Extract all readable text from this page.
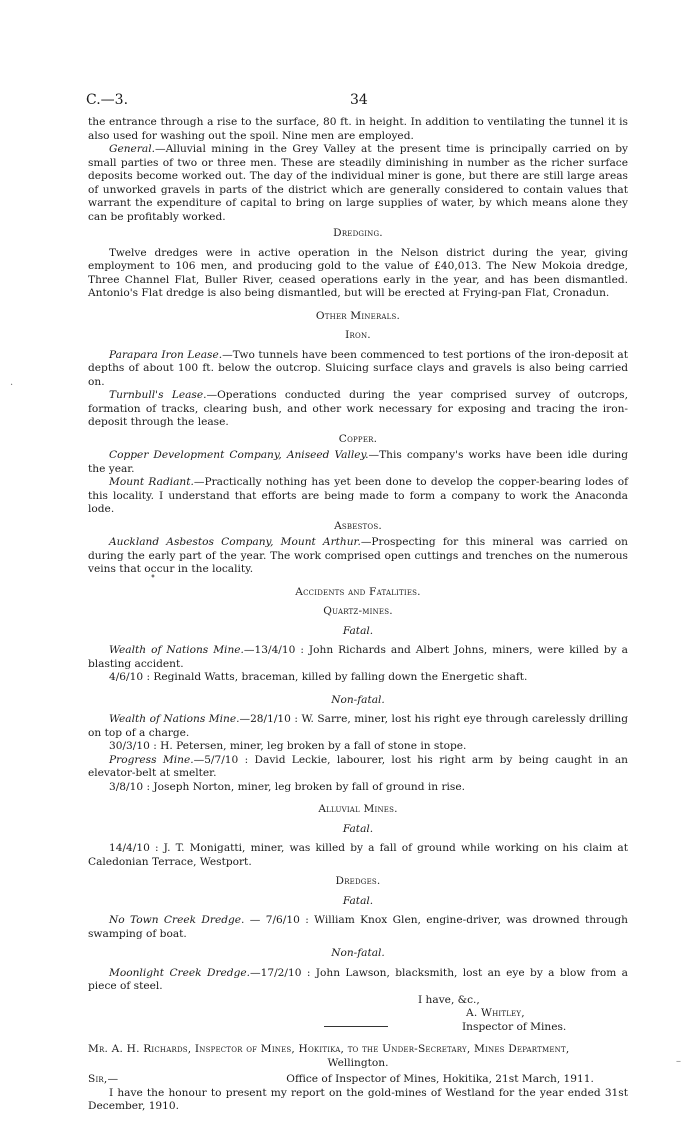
C.—3.	34

the entrance through a rise to the surface, 80 ft. in height. In addition to ventilating the tunnel it is also used for washing out the spoil. Nine men are employed.

General.—Alluvial mining in the Grey Valley at the present time is principally carried on by small parties of two or three men. These are steadily diminishing in number as the richer surface deposits become worked out. The day of the individual miner is gone, but there are still large areas of unworked gravels in parts of the district which are generally considered to contain values that warrant the expenditure of capital to bring on large supplies of water, by which means alone they can be profitably worked.

Dredging.

Twelve dredges were in active operation in the Nelson district during the year, giving employment to 106 men, and producing gold to the value of £40,013. The New Mokoia dredge, Three Channel Flat, Buller River, ceased operations early in the year, and has been dismantled. Antonio's Flat dredge is also being dismantled, but will be erected at Frying-pan Flat, Cronadun.

Other Minerals.

Iron.

Parapara Iron Lease.—Two tunnels have been commenced to test portions of the iron-deposit at depths of about 100 ft. below the outcrop. Sluicing surface clays and gravels is also being carried on.

Turnbull's Lease.—Operations conducted during the year comprised survey of outcrops, formation of tracks, clearing bush, and other work necessary for exposing and tracing the iron-deposit through the lease.

Copper.

Copper Development Company, Aniseed Valley.—This company's works have been idle during the year.

Mount Radiant.—Practically nothing has yet been done to develop the copper-bearing lodes of this locality. I understand that efforts are being made to form a company to work the Anaconda lode.

Asbestos.

Auckland Asbestos Company, Mount Arthur.—Prospecting for this mineral was carried on during the early part of the year. The work comprised open cuttings and trenches on the numerous veins that occur in the locality.

Accidents and Fatalities.

Quartz-mines.

Fatal.

Wealth of Nations Mine.—13/4/10 : John Richards and Albert Johns, miners, were killed by a blasting accident.

4/6/10 : Reginald Watts, braceman, killed by falling down the Energetic shaft.

Non-fatal.

Wealth of Nations Mine.—28/1/10 : W. Sarre, miner, lost his right eye through carelessly drilling on top of a charge.

30/3/10 : H. Petersen, miner, leg broken by a fall of stone in stope.

Progress Mine.—5/7/10 : David Leckie, labourer, lost his right arm by being caught in an elevator-belt at smelter.

3/8/10 : Joseph Norton, miner, leg broken by fall of ground in rise.

Alluvial Mines.

Fatal.

14/4/10 : J. T. Monigatti, miner, was killed by a fall of ground while working on his claim at Caledonian Terrace, Westport.

Dredges.

Fatal.

No Town Creek Dredge. — 7/6/10 : William Knox Glen, engine-driver, was drowned through swamping of boat.

Non-fatal.

Moonlight Creek Dredge.—17/2/10 : John Lawson, blacksmith, lost an eye by a blow from a piece of steel.

I have, &c.,

A. Whitley,

Inspector of Mines.

Mr. A. H. Richards, Inspector of Mines, Hokitika, to the Under-Secretary, Mines Department,

Wellington.

Sir,—	Office of Inspector of Mines, Hokitika, 21st March, 1911.

I have the honour to present my report on the gold-mines of Westland for the year ended 31st December, 1910.

·
•
–
